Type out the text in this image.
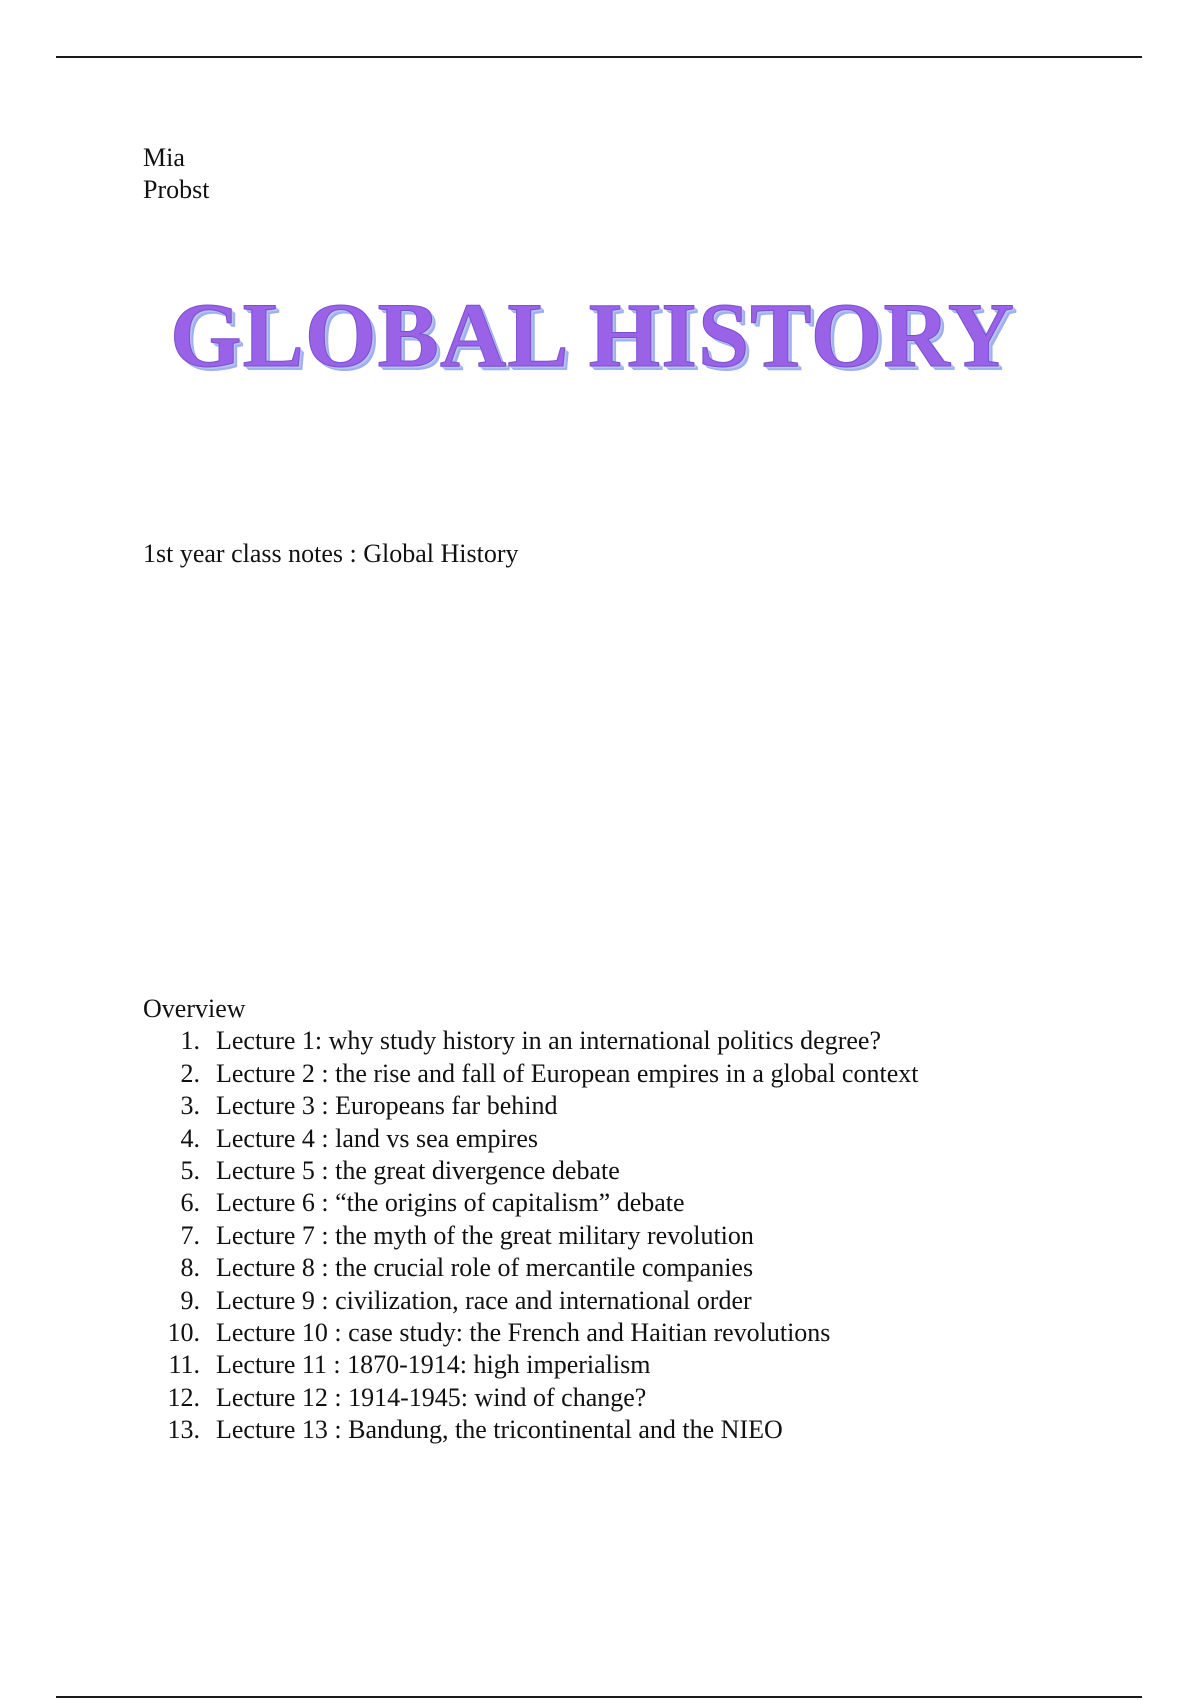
Mia
Probst
GLOBAL HISTORY
1st year class notes : Global History
Overview
1. Lecture 1: why study history in an international politics degree?
2. Lecture 2 : the rise and fall of European empires in a global context
3. Lecture 3 : Europeans far behind
4. Lecture 4 : land vs sea empires
5. Lecture 5 : the great divergence debate
6. Lecture 6 : “the origins of capitalism” debate
7. Lecture 7 : the myth of the great military revolution
8. Lecture 8 : the crucial role of mercantile companies
9. Lecture 9 : civilization, race and international order
10. Lecture 10 : case study: the French and Haitian revolutions
11. Lecture 11 : 1870-1914: high imperialism
12. Lecture 12 : 1914-1945: wind of change?
13. Lecture 13 : Bandung, the tricontinental and the NIEO
